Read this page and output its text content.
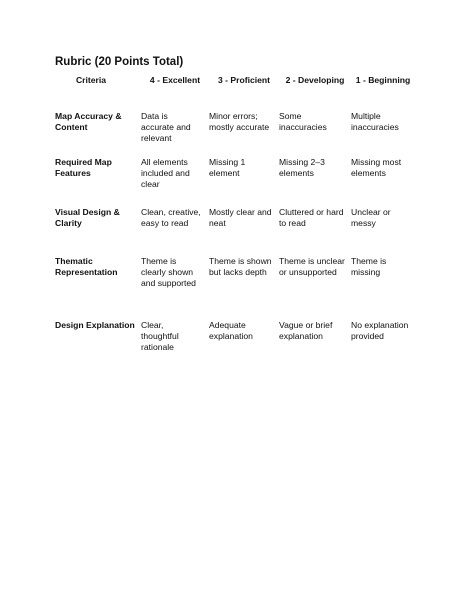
Rubric (20 Points Total)
Criteria	4 - Excellent	3 - Proficient	2 - Developing	1 - Beginning
Map Accuracy & Content	Data is accurate and relevant	Minor errors; mostly accurate	Some inaccuracies	Multiple inaccuracies
Required Map Features	All elements included and clear	Missing 1 element	Missing 2–3 elements	Missing most elements
Visual Design & Clarity	Clean, creative, easy to read	Mostly clear and neat	Cluttered or hard to read	Unclear or messy
Thematic Representation	Theme is clearly shown and supported	Theme is shown but lacks depth	Theme is unclear or unsupported	Theme is missing
Design Explanation	Clear, thoughtful rationale	Adequate explanation	Vague or brief explanation	No explanation provided
